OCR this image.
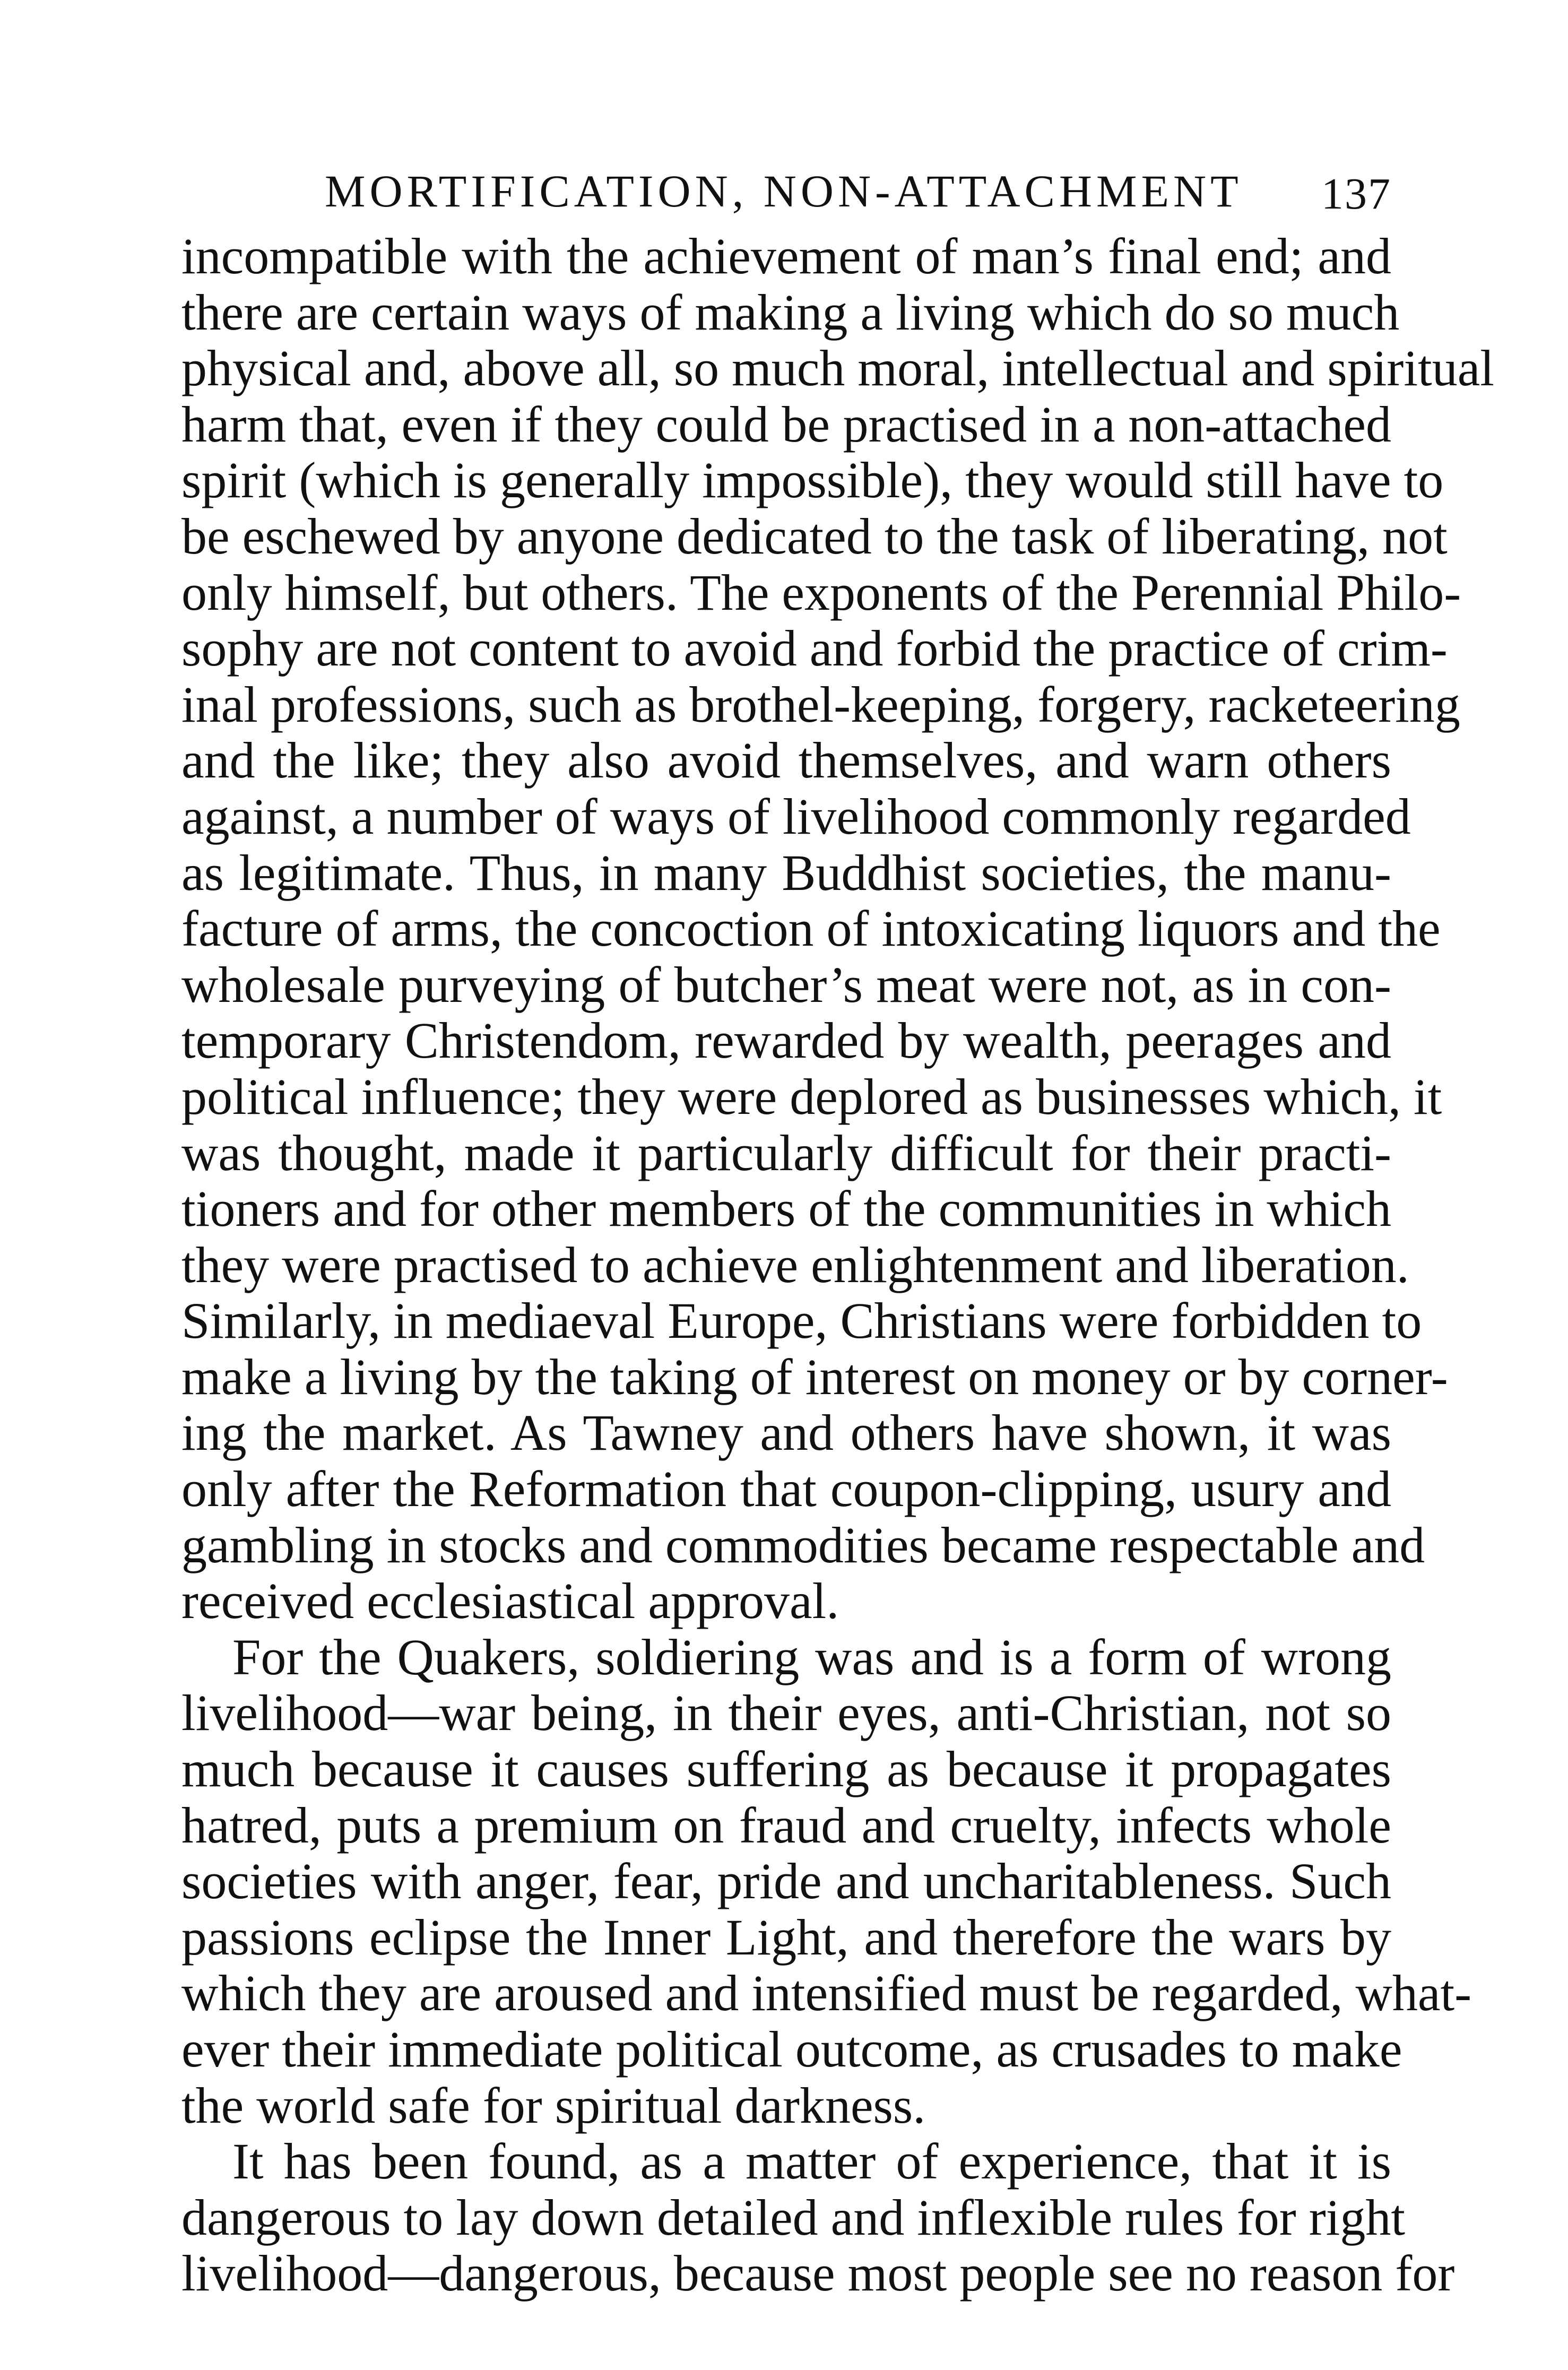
MORTIFICATION, NON-ATTACHMENT 137
incompatible with the achievement of man’s final end; and
there are certain ways of making a living which do so much
physical and, above all, so much moral, intellectual and spiritual
harm that, even if they could be practised in a non-attached
spirit (which is generally impossible), they would still have to
be eschewed by anyone dedicated to the task of liberating, not
only himself, but others. The exponents of the Perennial Philo-
sophy are not content to avoid and forbid the practice of crim-
inal professions, such as brothel-keeping, forgery, racketeering
and the like; they also avoid themselves, and warn others
against, a number of ways of livelihood commonly regarded
as legitimate. Thus, in many Buddhist societies, the manu-
facture of arms, the concoction of intoxicating liquors and the
wholesale purveying of butcher’s meat were not, as in con-
temporary Christendom, rewarded by wealth, peerages and
political influence; they were deplored as businesses which, it
was thought, made it particularly difficult for their practi-
tioners and for other members of the communities in which
they were practised to achieve enlightenment and liberation.
Similarly, in mediaeval Europe, Christians were forbidden to
make a living by the taking of interest on money or by corner-
ing the market. As Tawney and others have shown, it was
only after the Reformation that coupon-clipping, usury and
gambling in stocks and commodities became respectable and
received ecclesiastical approval.
For the Quakers, soldiering was and is a form of wrong
livelihood—war being, in their eyes, anti-Christian, not so
much because it causes suffering as because it propagates
hatred, puts a premium on fraud and cruelty, infects whole
societies with anger, fear, pride and uncharitableness. Such
passions eclipse the Inner Light, and therefore the wars by
which they are aroused and intensified must be regarded, what-
ever their immediate political outcome, as crusades to make
the world safe for spiritual darkness.
It has been found, as a matter of experience, that it is
dangerous to lay down detailed and inflexible rules for right
livelihood—dangerous, because most people see no reason for
